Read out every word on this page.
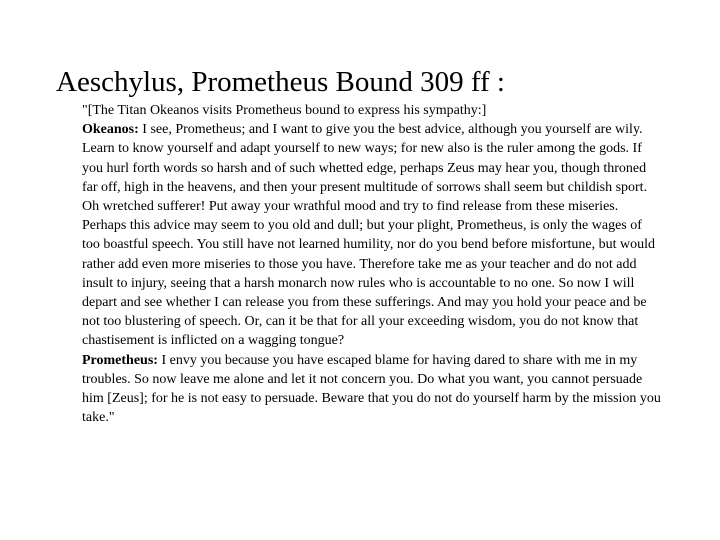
Aeschylus, Prometheus Bound 309 ff :

"[The Titan Okeanos visits Prometheus bound to express his sympathy:]

Okeanos: I see, Prometheus; and I want to give you the best advice, although you yourself are wily. Learn to know yourself and adapt yourself to new ways; for new also is the ruler among the gods. If you hurl forth words so harsh and of such whetted edge, perhaps Zeus may hear you, though throned far off, high in the heavens, and then your present multitude of sorrows shall seem but childish sport. Oh wretched sufferer! Put away your wrathful mood and try to find release from these miseries. Perhaps this advice may seem to you old and dull; but your plight, Prometheus, is only the wages of too boastful speech. You still have not learned humility, nor do you bend before misfortune, but would rather add even more miseries to those you have. Therefore take me as your teacher and do not add insult to injury, seeing that a harsh monarch now rules who is accountable to no one. So now I will depart and see whether I can release you from these sufferings. And may you hold your peace and be not too blustering of speech. Or, can it be that for all your exceeding wisdom, you do not know that chastisement is inflicted on a wagging tongue?

Prometheus: I envy you because you have escaped blame for having dared to share with me in my troubles. So now leave me alone and let it not concern you. Do what you want, you cannot persuade him [Zeus]; for he is not easy to persuade. Beware that you do not do yourself harm by the mission you take."
